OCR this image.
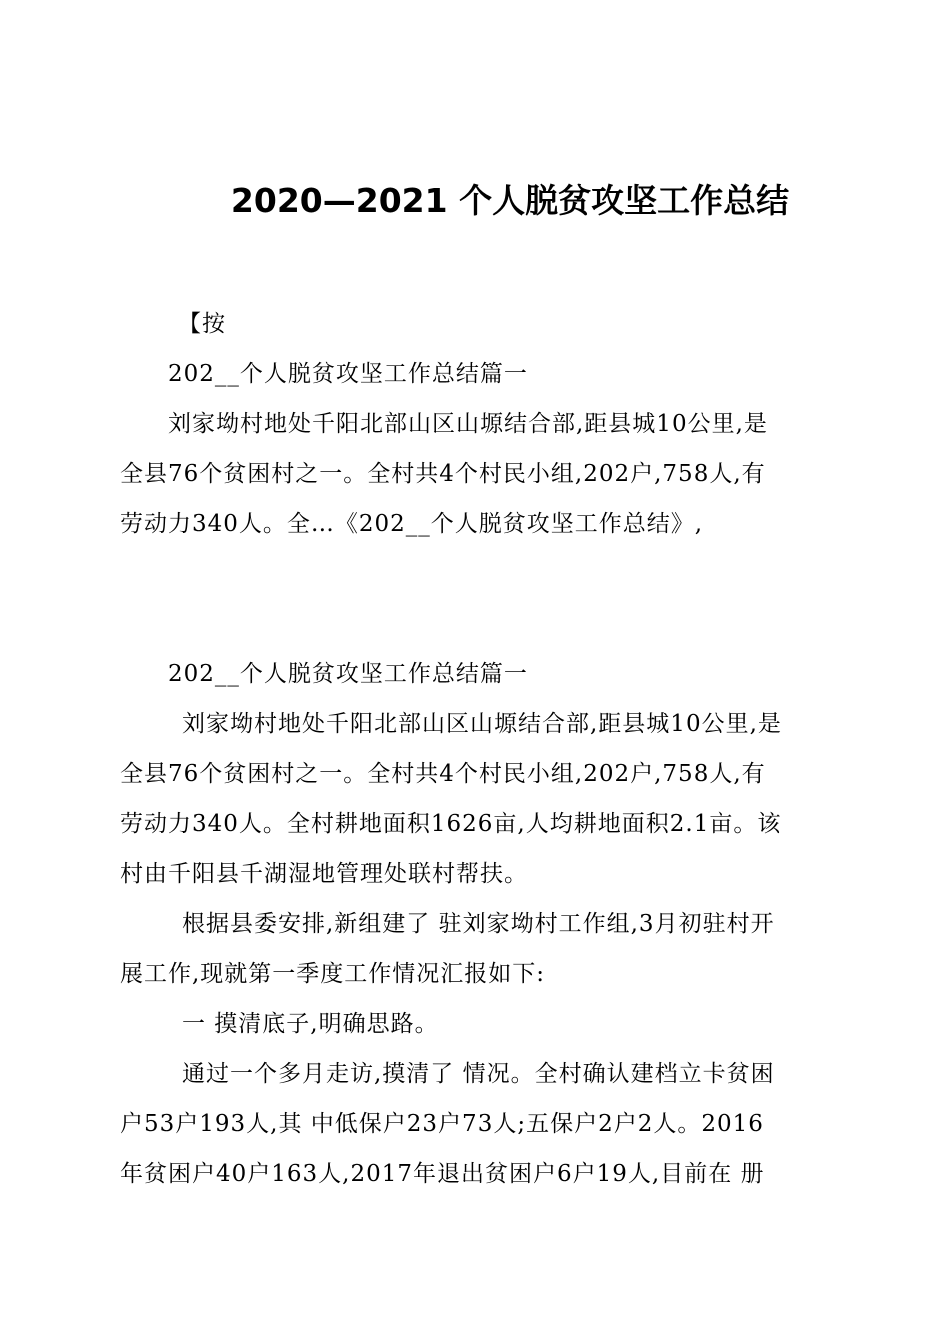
2020—2021 个人脱贫攻坚工作总结
【按
202__个人脱贫攻坚工作总结篇一
刘家坳村地处千阳北部山区山塬结合部,距县城10公里,是
全县76个贫困村之一。全村共4个村民小组,202户,758人,有
劳动力340人。全…《202__个人脱贫攻坚工作总结》,
202__个人脱贫攻坚工作总结篇一
刘家坳村地处千阳北部山区山塬结合部,距县城10公里,是
全县76个贫困村之一。全村共4个村民小组,202户,758人,有
劳动力340人。全村耕地面积1626亩,人均耕地面积2.1亩。该
村由千阳县千湖湿地管理处联村帮扶。
根据县委安排,新组建了 驻刘家坳村工作组,3月初驻村开
展工作,现就第一季度工作情况汇报如下:
一 摸清底子,明确思路。
通过一个多月走访,摸清了 情况。全村确认建档立卡贫困
户53户193人,其 中低保户23户73人;五保户2户2人。2016
年贫困户40户163人,2017年退出贫困户6户19人,目前在 册
